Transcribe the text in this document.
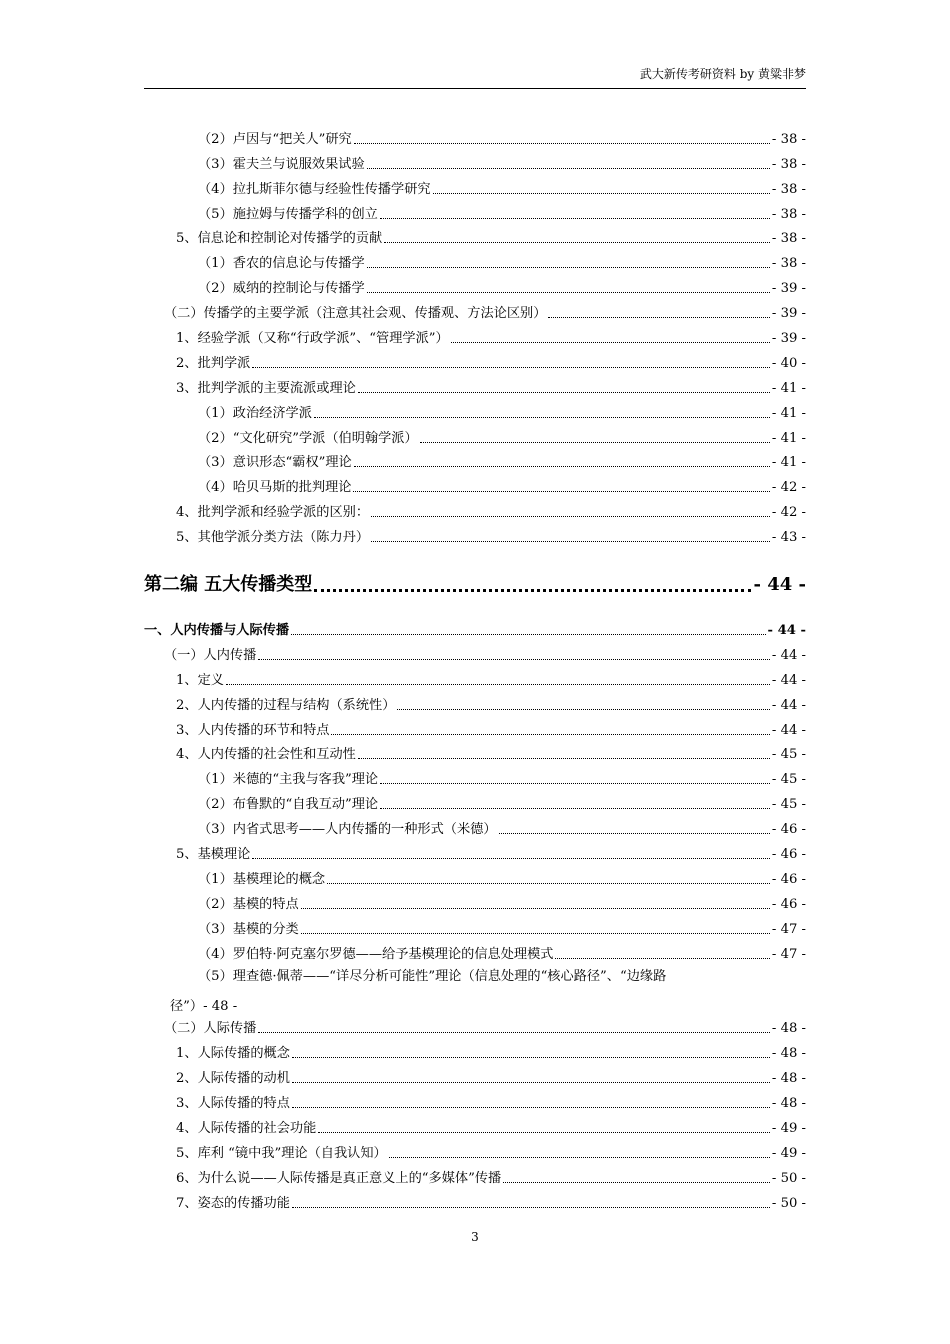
武大新传考研资料 by 黄粱非梦
（2）卢因与“把关人”研究	- 38 -
（3）霍夫兰与说服效果试验	- 38 -
（4）拉扎斯菲尔德与经验性传播学研究	- 38 -
（5）施拉姆与传播学科的创立	- 38 -
5、信息论和控制论对传播学的贡献	- 38 -
（1）香农的信息论与传播学	- 38 -
（2）威纳的控制论与传播学	- 39 -
（二）传播学的主要学派（注意其社会观、传播观、方法论区别）	- 39 -
1、经验学派（又称“行政学派”、“管理学派”）	- 39 -
2、批判学派	- 40 -
3、批判学派的主要流派或理论	- 41 -
（1）政治经济学派	- 41 -
（2）“文化研究”学派（伯明翰学派）	- 41 -
（3）意识形态“霸权”理论	- 41 -
（4）哈贝马斯的批判理论	- 42 -
4、批判学派和经验学派的区别：	- 42 -
5、其他学派分类方法（陈力丹）	- 43 -
第二编 五大传播类型	- 44 -
一、人内传播与人际传播	- 44 -
（一）人内传播	- 44 -
1、定义	- 44 -
2、人内传播的过程与结构（系统性）	- 44 -
3、人内传播的环节和特点	- 44 -
4、人内传播的社会性和互动性	- 45 -
（1）米德的“主我与客我”理论	- 45 -
（2）布鲁默的“自我互动”理论	- 45 -
（3）内省式思考——人内传播的一种形式（米德）	- 46 -
5、基模理论	- 46 -
（1）基模理论的概念	- 46 -
（2）基模的特点	- 46 -
（3）基模的分类	- 47 -
（4）罗伯特·阿克塞尔罗德——给予基模理论的信息处理模式	- 47 -
（5）理查德·佩蒂——“详尽分析可能性”理论（信息处理的“核心路径”、“边缘路
径”） - 48 -
（二）人际传播	- 48 -
1、人际传播的概念	- 48 -
2、人际传播的动机	- 48 -
3、人际传播的特点	- 48 -
4、人际传播的社会功能	- 49 -
5、库利 “镜中我”理论（自我认知）	- 49 -
6、为什么说——人际传播是真正意义上的“多媒体”传播	- 50 -
7、姿态的传播功能	- 50 -
3
